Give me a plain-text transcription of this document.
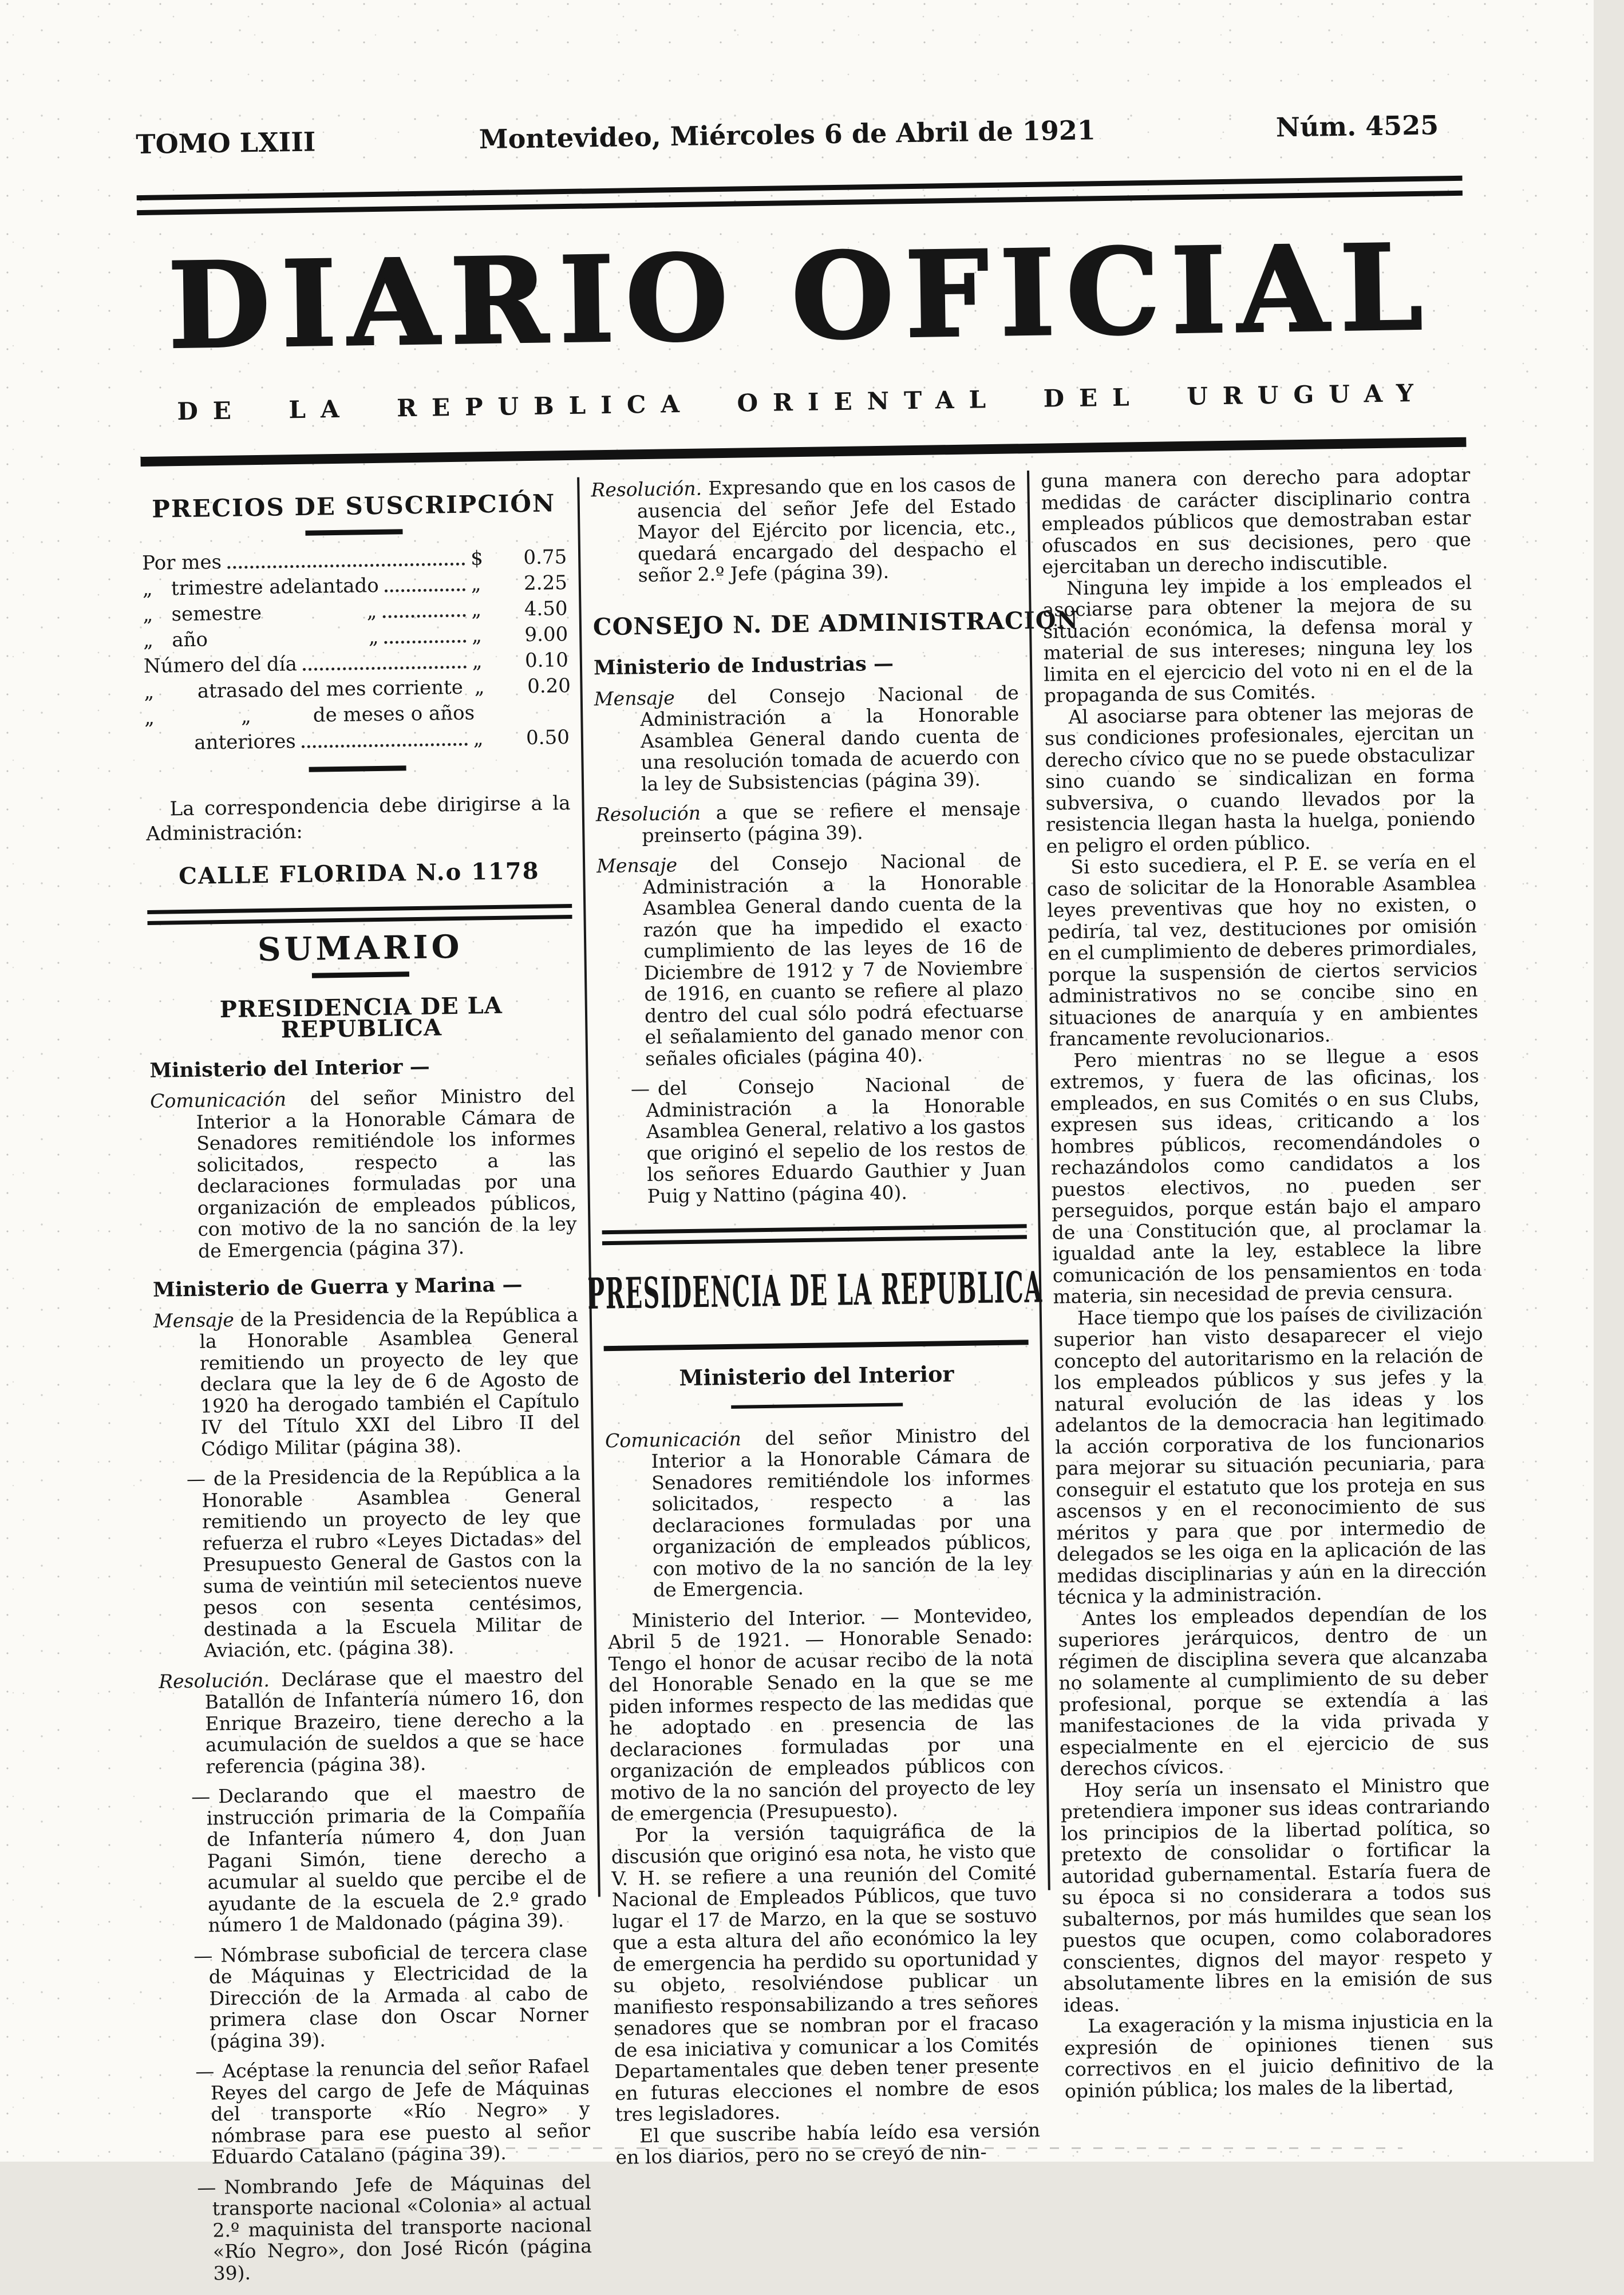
TOMO LXIII	Montevideo, Miércoles 6 de Abril de 1921	Núm. 4525
DIARIO OFICIAL
DE LA REPUBLICA ORIENTAL DEL URUGUAY
PRECIOS DE SUSCRIPCIÓN
Por mes	$ 0.75
„   trimestre adelantado	„ 2.25
„   semestre                 „	„ 4.50
„   año                          „	„ 9.00
Número del día	„ 0.10
„       atrasado del mes corriente „ 0.20
„              „          de meses o años
anteriores	„ 0.50

La correspondencia debe dirigirse a la Administración:

CALLE FLORIDA N.o 1178
SUMARIO
PRESIDENCIA DE LA REPUBLICA
Ministerio del Interior —

Comunicación del señor Ministro del Interior a la Honorable Cámara de Senadores remitiéndole los informes solicitados, respecto a las declaraciones formuladas por una organización de empleados públicos, con motivo de la no sanción de la ley de Emergencia (página 37).

Ministerio de Guerra y Marina —

Mensaje de la Presidencia de la República a la Honorable Asamblea General remitiendo un proyecto de ley que declara que la ley de 6 de Agosto de 1920 ha derogado también el Capítulo IV del Título XXI del Libro II del Código Militar (página 38).

— de la Presidencia de la República a la Honorable Asamblea General remitiendo un proyecto de ley que refuerza el rubro «Leyes Dictadas» del Presupuesto General de Gastos con la suma de veintiún mil setecientos nueve pesos con sesenta centésimos, destinada a la Escuela Militar de Aviación, etc. (página 38).

Resolución. Declárase que el maestro del Batallón de Infantería número 16, don Enrique Brazeiro, tiene derecho a la acumulación de sueldos a que se hace referencia (página 38).

— Declarando que el maestro de instrucción primaria de la Compañía de Infantería número 4, don Juan Pagani Simón, tiene derecho a acumular al sueldo que percibe el de ayudante de la escuela de 2.º grado número 1 de Maldonado (página 39).

— Nómbrase suboficial de tercera clase de Máquinas y Electricidad de la Dirección de la Armada al cabo de primera clase don Oscar Norner (página 39).

— Acéptase la renuncia del señor Rafael Reyes del cargo de Jefe de Máquinas del transporte «Río Negro» y nómbrase para ese puesto al señor Eduardo Catalano (página 39).

— Nombrando Jefe de Máquinas del transporte nacional «Colonia» al actual 2.º maquinista del transporte nacional «Río Negro», don José Ricón (página 39).

Resolución. Expresando que en los casos de ausencia del señor Jefe del Estado Mayor del Ejército por licencia, etc., quedará encargado del despacho el señor 2.º Jefe (página 39).

CONSEJO N. DE ADMINISTRACION
Ministerio de Industrias —

Mensaje del Consejo Nacional de Administración a la Honorable Asamblea General dando cuenta de una resolución tomada de acuerdo con la ley de Subsistencias (página 39).

Resolución a que se refiere el mensaje preinserto (página 39).

Mensaje del Consejo Nacional de Administración a la Honorable Asamblea General dando cuenta de la razón que ha impedido el exacto cumplimiento de las leyes de 16 de Diciembre de 1912 y 7 de Noviembre de 1916, en cuanto se refiere al plazo dentro del cual sólo podrá efectuarse el señalamiento del ganado menor con señales oficiales (página 40).

— del Consejo Nacional de Administración a la Honorable Asamblea General, relativo a los gastos que originó el sepelio de los restos de los señores Eduardo Gauthier y Juan Puig y Nattino (página 40).

PRESIDENCIA DE LA REPUBLICA
Ministerio del Interior

Comunicación del señor Ministro del Interior a la Honorable Cámara de Senadores remitiéndole los informes solicitados, respecto a las declaraciones formuladas por una organización de empleados públicos, con motivo de la no sanción de la ley de Emergencia.

Ministerio del Interior. — Montevideo, Abril 5 de 1921. — Honorable Senado: Tengo el honor de acusar recibo de la nota del Honorable Senado en la que se me piden informes respecto de las medidas que he adoptado en presencia de las declaraciones formuladas por una organización de empleados públicos con motivo de la no sanción del proyecto de ley de emergencia (Presupuesto).

Por la versión taquigráfica de la discusión que originó esa nota, he visto que V. H. se refiere a una reunión del Comité Nacional de Empleados Públicos, que tuvo lugar el 17 de Marzo, en la que se sostuvo que a esta altura del año económico la ley de emergencia ha perdido su oportunidad y su objeto, resolviéndose publicar un manifiesto responsabilizando a tres señores senadores que se nombran por el fracaso de esa iniciativa y comunicar a los Comités Departamentales que deben tener presente en futuras elecciones el nombre de esos tres legisladores.

El que suscribe había leído esa versión en los diarios, pero no se creyó de nin-

guna manera con derecho para adoptar medidas de carácter disciplinario contra empleados públicos que demostraban estar ofuscados en sus decisiones, pero que ejercitaban un derecho indiscutible.

Ninguna ley impide a los empleados el asociarse para obtener la mejora de su situación económica, la defensa moral y material de sus intereses; ninguna ley los limita en el ejercicio del voto ni en el de la propaganda de sus Comités.

Al asociarse para obtener las mejoras de sus condiciones profesionales, ejercitan un derecho cívico que no se puede obstaculizar sino cuando se sindicalizan en forma subversiva, o cuando llevados por la resistencia llegan hasta la huelga, poniendo en peligro el orden público.

Si esto sucediera, el P. E. se vería en el caso de solicitar de la Honorable Asamblea leyes preventivas que hoy no existen, o pediría, tal vez, destituciones por omisión en el cumplimiento de deberes primordiales, porque la suspensión de ciertos servicios administrativos no se concibe sino en situaciones de anarquía y en ambientes francamente revolucionarios.

Pero mientras no se llegue a esos extremos, y fuera de las oficinas, los empleados, en sus Comités o en sus Clubs, expresen sus ideas, criticando a los hombres públicos, recomendándoles o rechazándolos como candidatos a los puestos electivos, no pueden ser perseguidos, porque están bajo el amparo de una Constitución que, al proclamar la igualdad ante la ley, establece la libre comunicación de los pensamientos en toda materia, sin necesidad de previa censura.

Hace tiempo que los países de civilización superior han visto desaparecer el viejo concepto del autoritarismo en la relación de los empleados públicos y sus jefes y la natural evolución de las ideas y los adelantos de la democracia han legitimado la acción corporativa de los funcionarios para mejorar su situación pecuniaria, para conseguir el estatuto que los proteja en sus ascensos y en el reconocimiento de sus méritos y para que por intermedio de delegados se les oiga en la aplicación de las medidas disciplinarias y aún en la dirección técnica y la administración.

Antes los empleados dependían de los superiores jerárquicos, dentro de un régimen de disciplina severa que alcanzaba no solamente al cumplimiento de su deber profesional, porque se extendía a las manifestaciones de la vida privada y especialmente en el ejercicio de sus derechos cívicos.

Hoy sería un insensato el Ministro que pretendiera imponer sus ideas contrariando los principios de la libertad política, so pretexto de consolidar o fortificar la autoridad gubernamental. Estaría fuera de su época si no considerara a todos sus subalternos, por más humildes que sean los puestos que ocupen, como colaboradores conscientes, dignos del mayor respeto y absolutamente libres en la emisión de sus ideas.

La exageración y la misma injusticia en la expresión de opiniones tienen sus correctivos en el juicio definitivo de la opinión pública; los males de la libertad,
